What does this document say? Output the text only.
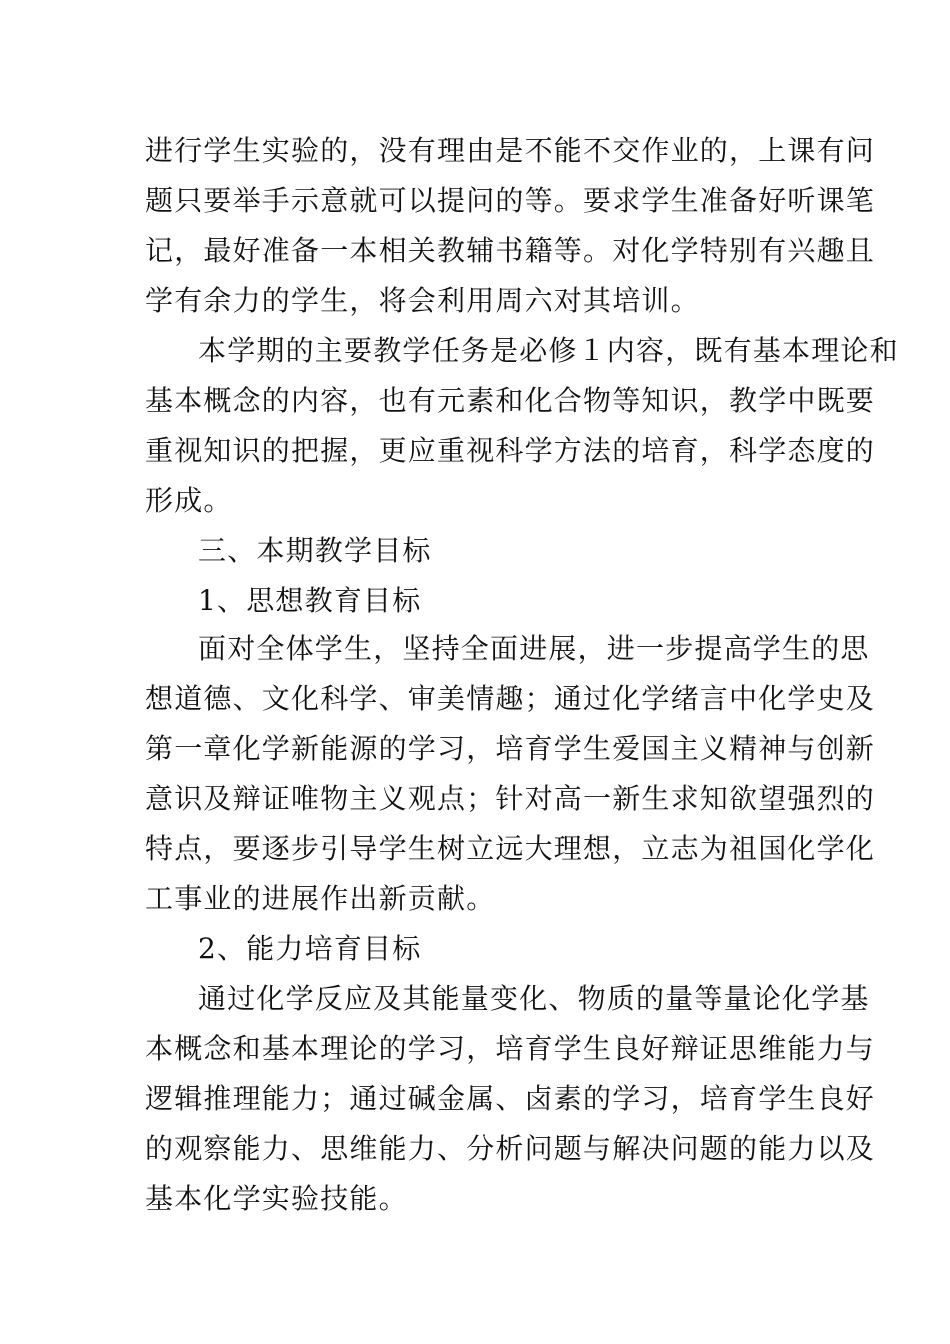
进行学生实验的，没有理由是不能不交作业的，上课有问
题只要举手示意就可以提问的等。要求学生准备好听课笔
记，最好准备一本相关教辅书籍等。对化学特别有兴趣且
学有余力的学生，将会利用周六对其培训。
本学期的主要教学任务是必修１内容，既有基本理论和
基本概念的内容，也有元素和化合物等知识，教学中既要
重视知识的把握，更应重视科学方法的培育，科学态度的
形成。
三、本期教学目标
1、思想教育目标
面对全体学生，坚持全面进展，进一步提高学生的思
想道德、文化科学、审美情趣；通过化学绪言中化学史及
第一章化学新能源的学习，培育学生爱国主义精神与创新
意识及辩证唯物主义观点；针对高一新生求知欲望强烈的
特点，要逐步引导学生树立远大理想，立志为祖国化学化
工事业的进展作出新贡献。
2、能力培育目标
通过化学反应及其能量变化、物质的量等量论化学基
本概念和基本理论的学习，培育学生良好辩证思维能力与
逻辑推理能力；通过碱金属、卤素的学习，培育学生良好
的观察能力、思维能力、分析问题与解决问题的能力以及
基本化学实验技能。
